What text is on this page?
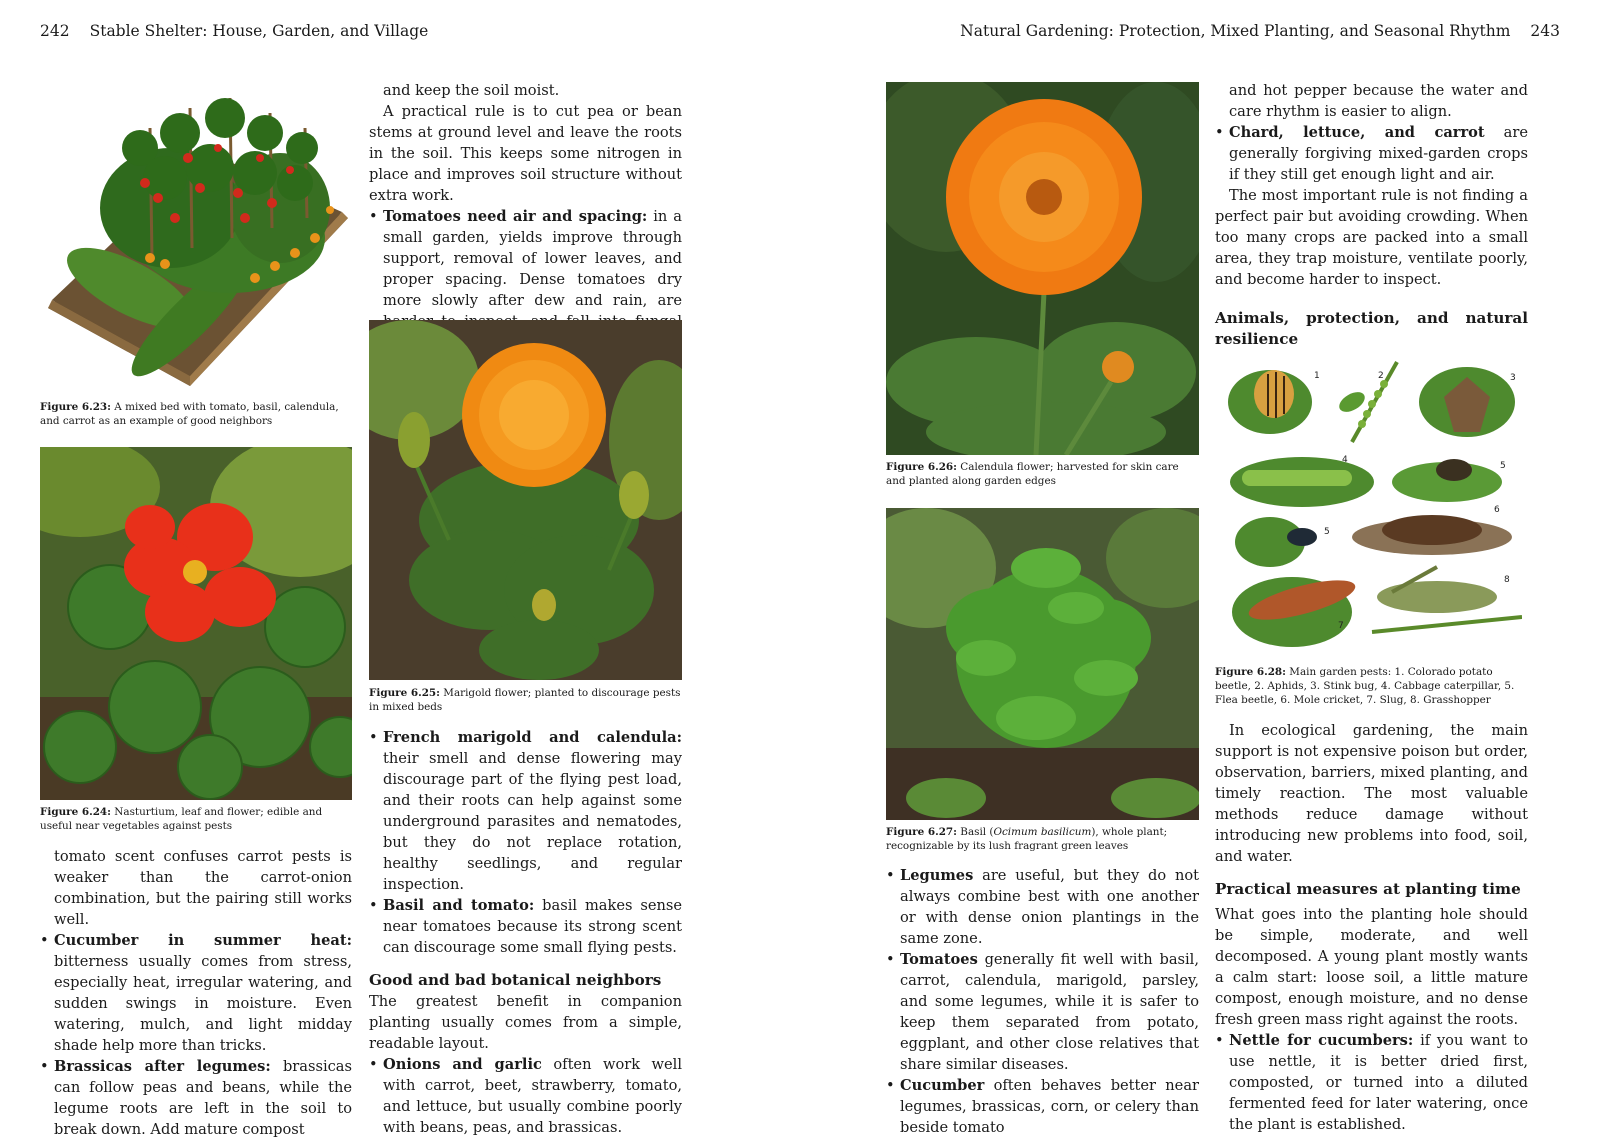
242 Stable Shelter: House, Garden, and Village	Natural Gardening: Protection, Mixed Planting, and Seasonal Rhythm 243
Figure 6.23: A mixed bed with tomato, basil, calendula, and carrot as an example of good neighbors
Figure 6.24: Nasturtium, leaf and flower; edible and useful near vegetables against pests

tomato scent confuses carrot pests is weaker than the carrot-onion combination, but the pairing still works well.

• Cucumber in summer heat: bitterness usually comes from stress, especially heat, irregular watering, and sudden swings in moisture. Even watering, mulch, and light midday shade help more than tricks.

• Brassicas after legumes: brassicas can follow peas and beans, while the legume roots are left in the soil to break down. Add mature compost

and keep the soil moist.

A practical rule is to cut pea or bean stems at ground level and leave the roots in the soil. This keeps some nitrogen in place and improves soil structure without extra work.

• Tomatoes need air and spacing: in a small garden, yields improve through support, removal of lower leaves, and proper spacing. Dense tomatoes dry more slowly after dew and rain, are

Figure 6.25: Marigold flower; planted to discourage pests in mixed beds

• French marigold and calendula: their smell and dense flowering may discourage part of the flying pest load, and their roots can help against some underground parasites and nematodes, but they do not replace rotation, healthy seedlings, and regular inspection.

• Basil and tomato: basil makes sense near tomatoes because its strong scent can discourage some small flying pests.

Good and bad botanical neighbors

The greatest benefit in companion planting usually comes from a simple, readable layout.

• Onions and garlic often work well with carrot, beet, strawberry, tomato, and lettuce, but usually combine poorly with beans, peas, and brassicas.

Figure 6.26: Calendula flower; harvested for skin care and planted along garden edges
Figure 6.27: Basil (Ocimum basilicum), whole plant; recognizable by its lush fragrant green leaves

• Legumes are useful, but they do not always combine best with one another or with dense onion plantings in the same zone.

• Tomatoes generally fit well with basil, carrot, calendula, marigold, parsley, and some legumes, while it is safer to keep them separated from potato, eggplant, and other close relatives that share similar diseases.

• Cucumber often behaves better near legumes, brassicas, corn, or celery than beside tomato

and hot pepper because the water and care rhythm is easier to align.

• Chard, lettuce, and carrot are generally forgiving mixed-garden crops if they still get enough light and air.

The most important rule is not finding a perfect pair but avoiding crowding. When too many crops are packed into a small area, they trap moisture, ventilate poorly, and become harder to inspect.

Animals, protection, and natural resilience

1	2	3
4
5
5
6
7
8
Figure 6.28: Main garden pests: 1. Colorado potato beetle, 2. Aphids, 3. Stink bug, 4. Cabbage caterpillar, 5. Flea beetle, 6. Mole cricket, 7. Slug, 8. Grasshopper

In ecological gardening, the main support is not expensive poison but order, observation, barriers, mixed planting, and timely reaction. The most valuable methods reduce damage without introducing new problems into food, soil, and water.

Practical measures at planting time

What goes into the planting hole should be simple, moderate, and well decomposed. A young plant mostly wants a calm start: loose soil, a little mature compost, enough moisture, and no dense fresh green mass right against the roots.

• Nettle for cucumbers: if you want to use nettle, it is better dried first, composted, or turned into a diluted fermented feed for later watering, once the plant is established.
